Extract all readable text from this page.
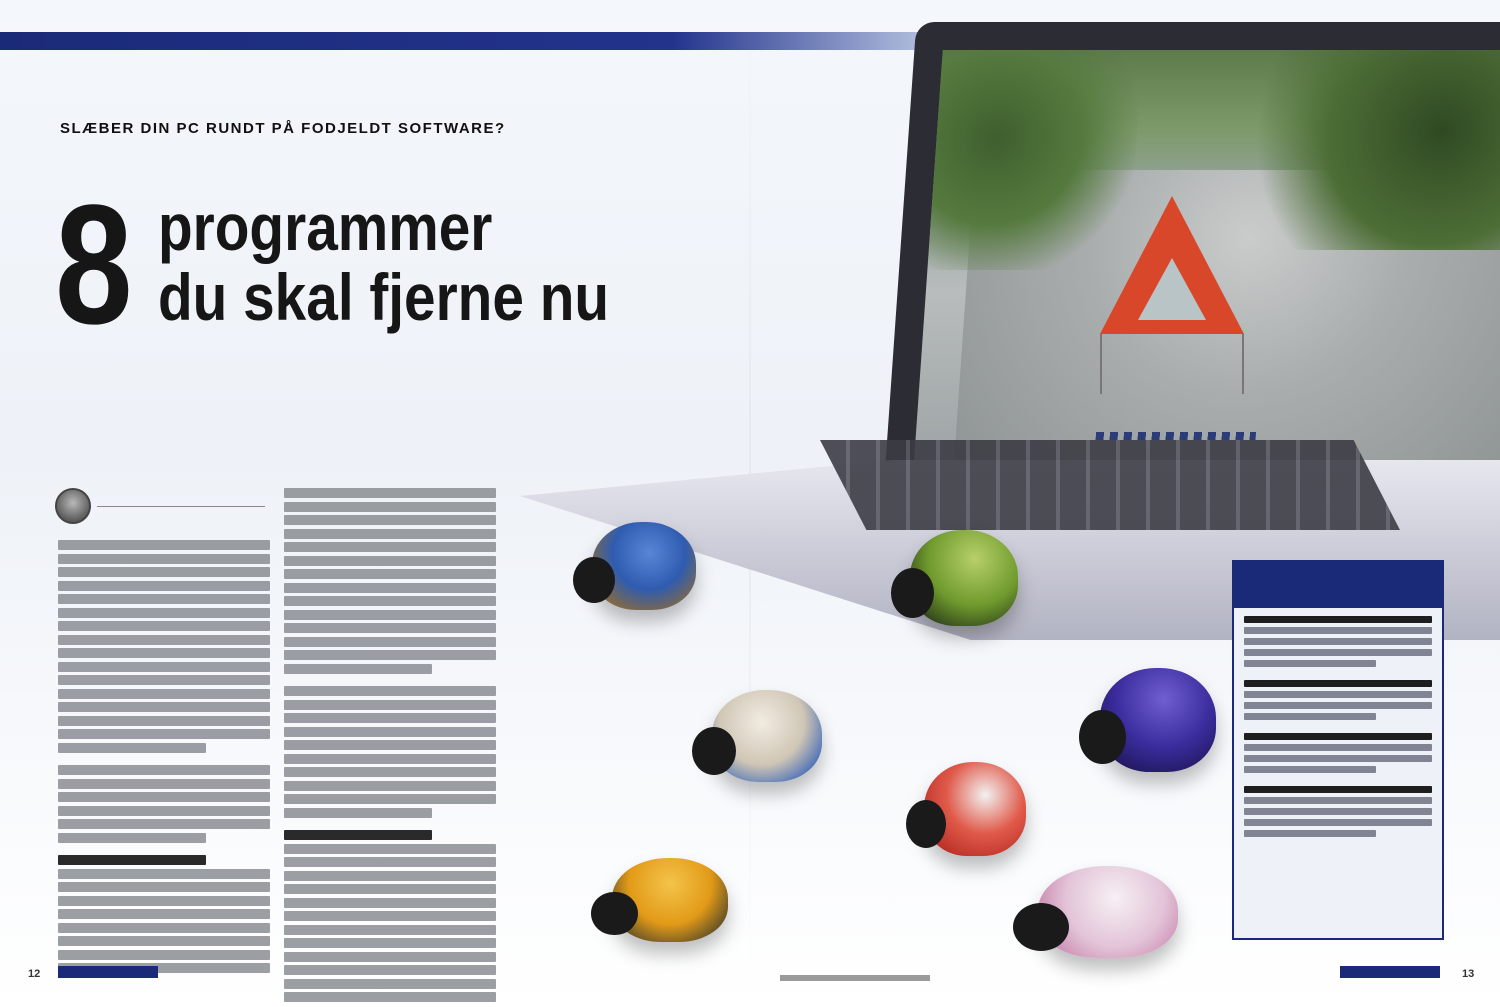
SLÆBER DIN PC RUNDT PÅ FODJELDT SOFTWARE?
8 programmer
du skal fjerne nu
12	13
